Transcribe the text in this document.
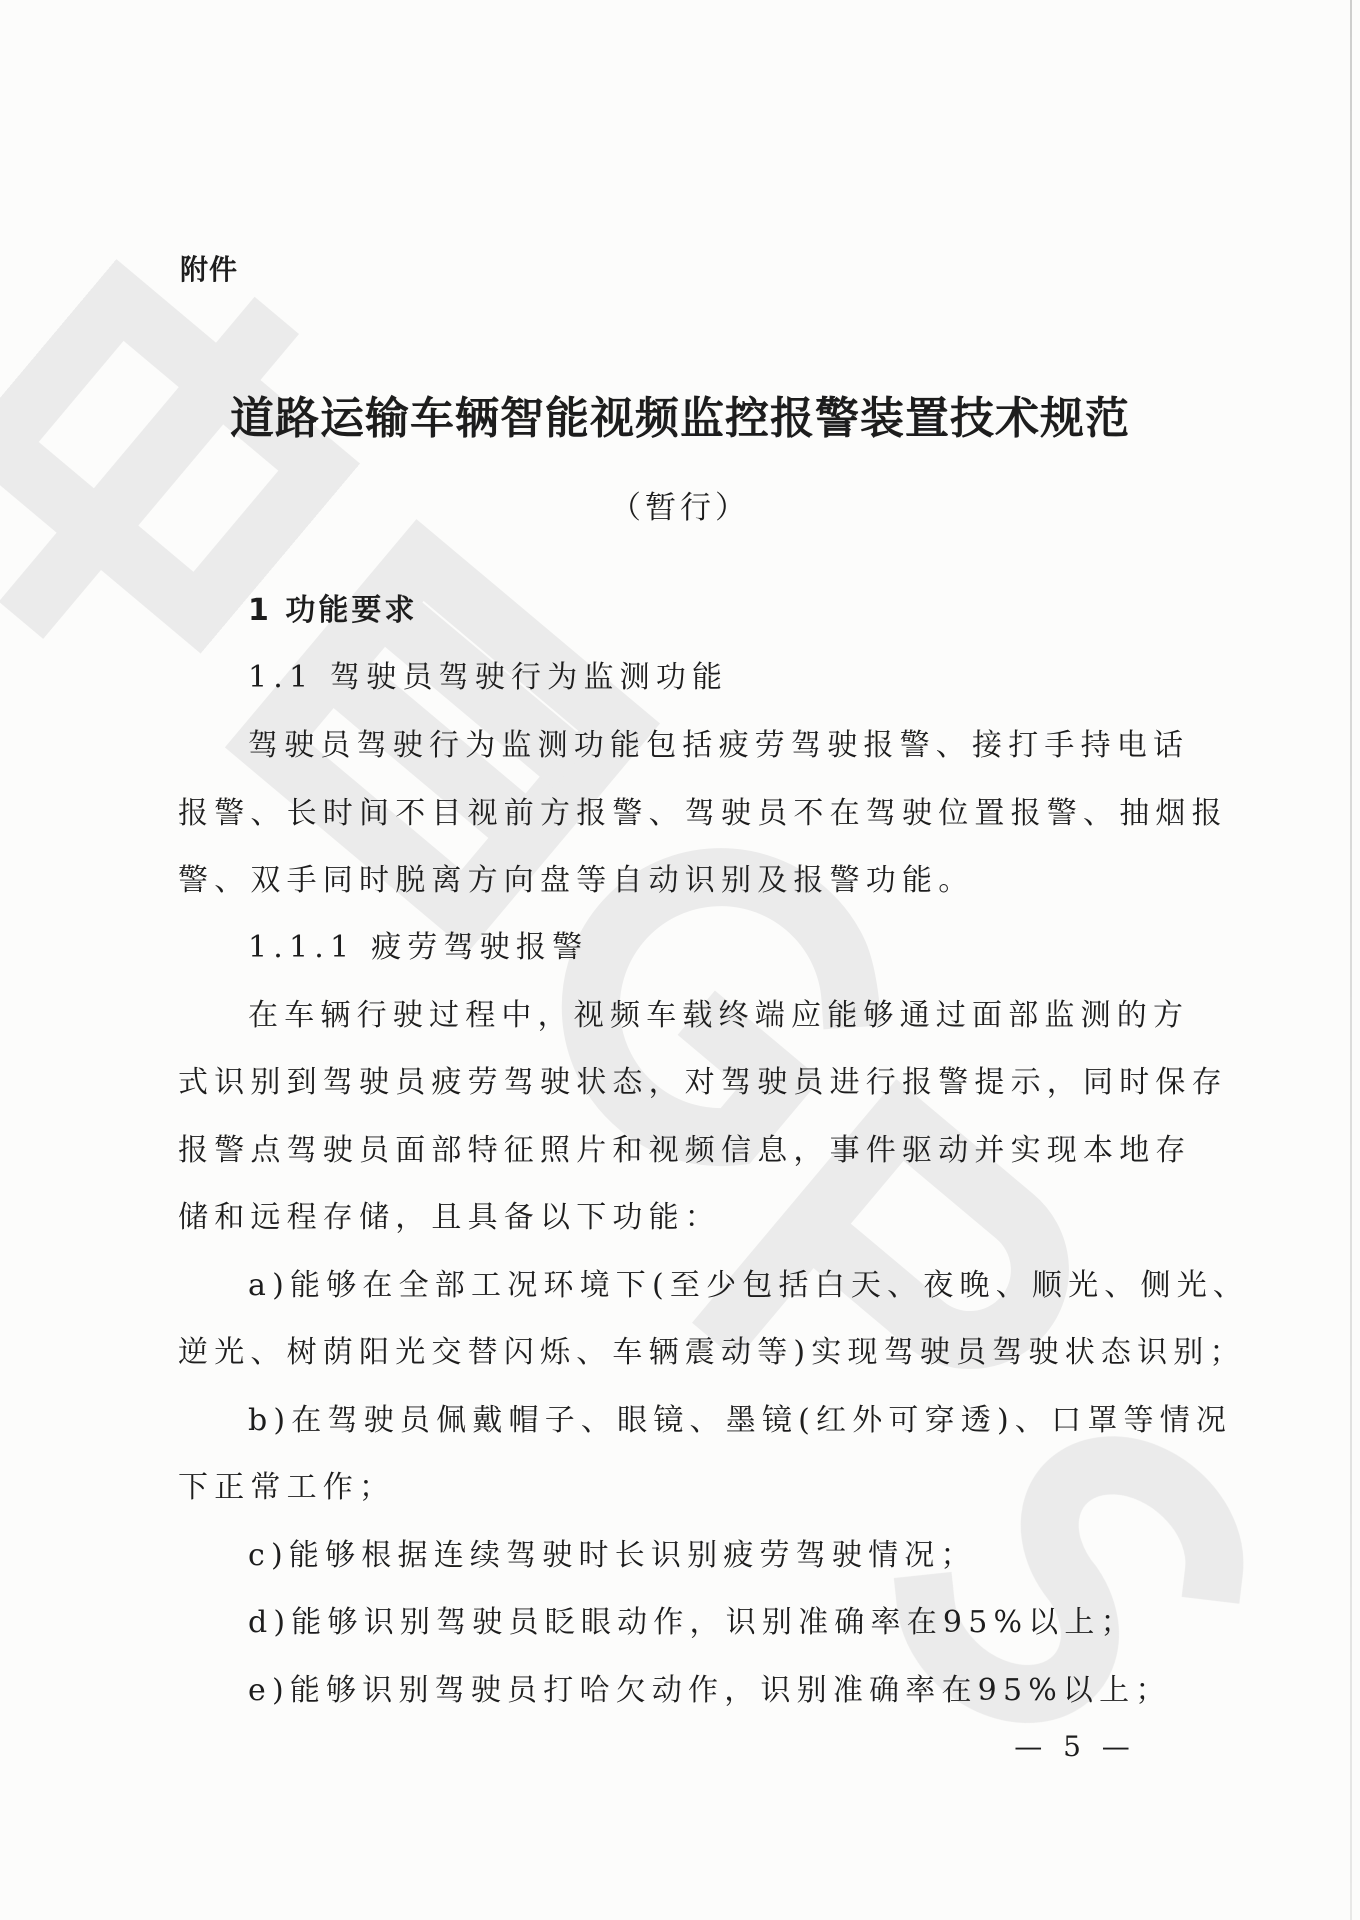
附件
道路运输车辆智能视频监控报警装置技术规范
（暂行）
1 功能要求
1.1 驾驶员驾驶行为监测功能
驾驶员驾驶行为监测功能包括疲劳驾驶报警、接打手持电话
报警、长时间不目视前方报警、驾驶员不在驾驶位置报警、抽烟报
警、双手同时脱离方向盘等自动识别及报警功能。
1.1.1 疲劳驾驶报警
在车辆行驶过程中，视频车载终端应能够通过面部监测的方
式识别到驾驶员疲劳驾驶状态，对驾驶员进行报警提示，同时保存
报警点驾驶员面部特征照片和视频信息，事件驱动并实现本地存
储和远程存储，且具备以下功能：
a)能够在全部工况环境下(至少包括白天、夜晚、顺光、侧光、
逆光、树荫阳光交替闪烁、车辆震动等)实现驾驶员驾驶状态识别；
b)在驾驶员佩戴帽子、眼镜、墨镜(红外可穿透)、口罩等情况
下正常工作；
c)能够根据连续驾驶时长识别疲劳驾驶情况；
d)能够识别驾驶员眨眼动作，识别准确率在95%以上；
e)能够识别驾驶员打哈欠动作，识别准确率在95%以上；
— 5 —
